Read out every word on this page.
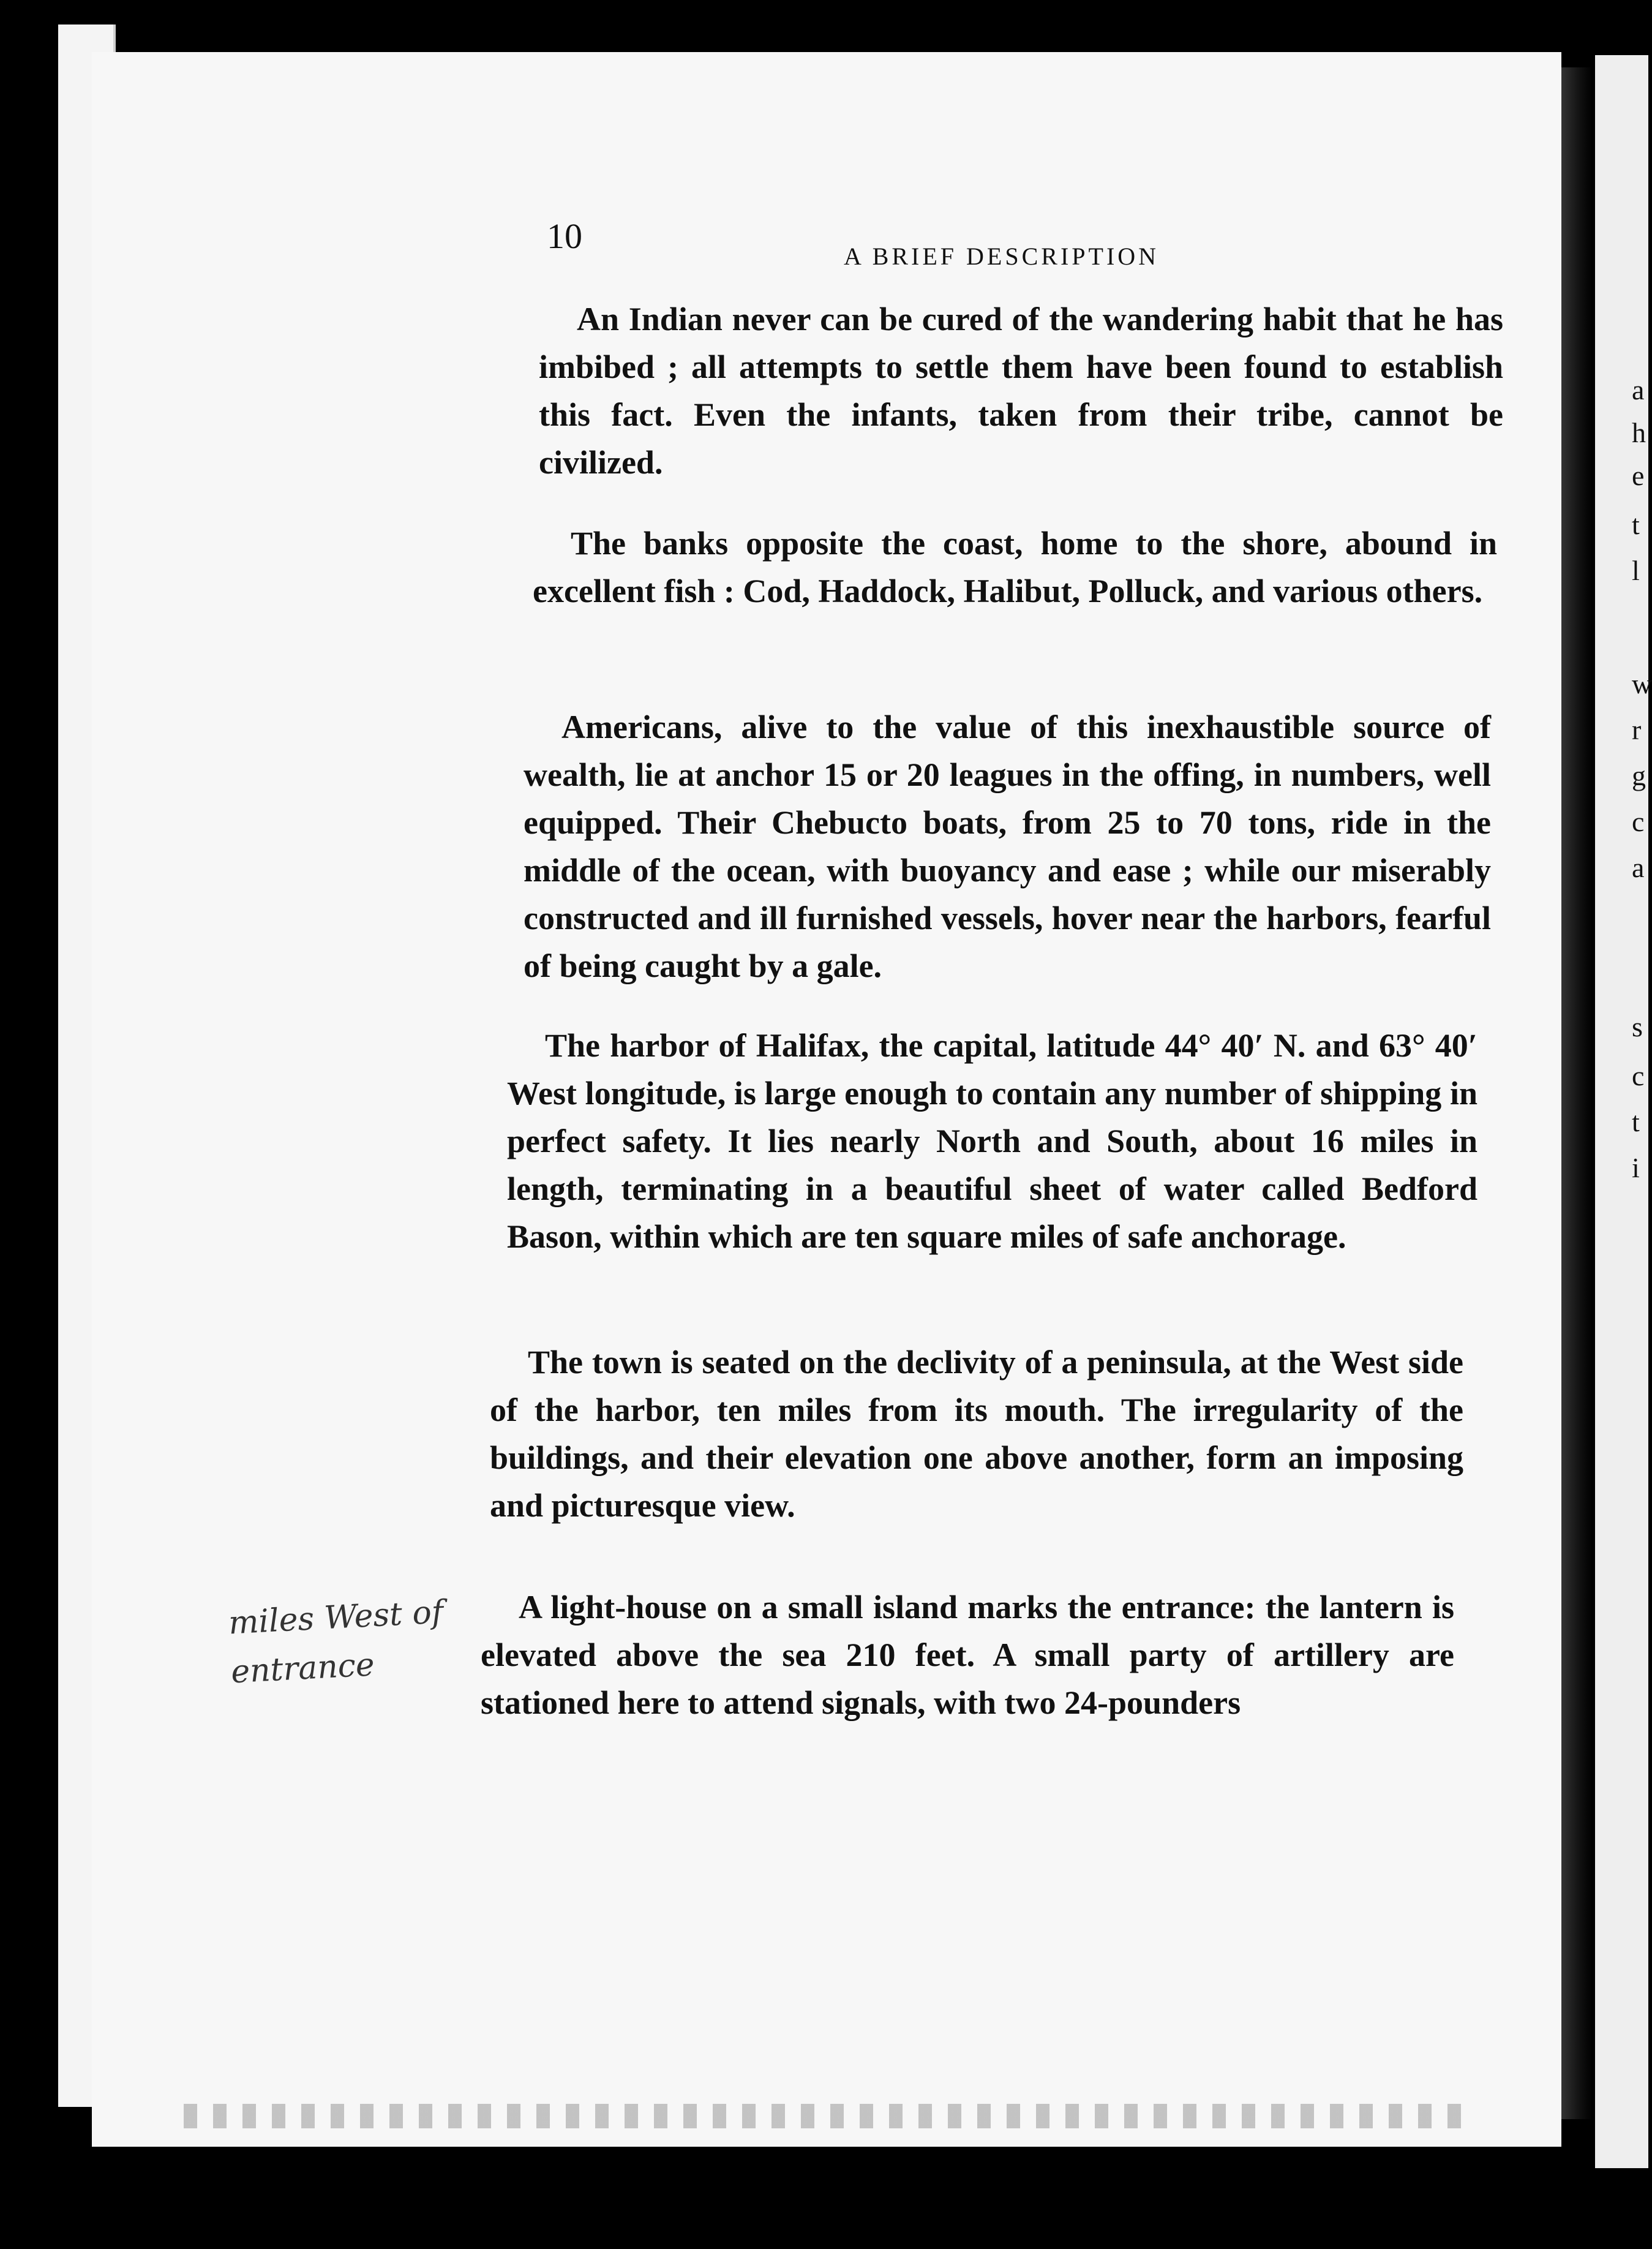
a
h
e
t
l
w
r
g
c
a
s
c
t
i
10
A BRIEF DESCRIPTION

An Indian never can be cured of the wandering habit that he has imbibed ; all attempts to settle them have been found to establish this fact. Even the infants, taken from their tribe, cannot be civilized.

The banks opposite the coast, home to the shore, abound in excellent fish : Cod, Haddock, Halibut, Polluck, and various others.

Americans, alive to the value of this inexhaustible source of wealth, lie at anchor 15 or 20 leagues in the offing, in numbers, well equipped. Their Chebucto boats, from 25 to 70 tons, ride in the middle of the ocean, with buoyancy and ease ; while our miserably constructed and ill furnished vessels, hover near the harbors, fearful of being caught by a gale.

The harbor of Halifax, the capital, latitude 44° 40′ N. and 63° 40′ West longitude, is large enough to contain any number of shipping in perfect safety. It lies nearly North and South, about 16 miles in length, terminating in a beautiful sheet of water called Bedford Bason, within which are ten square miles of safe anchorage.

The town is seated on the declivity of a peninsula, at the West side of the harbor, ten miles from its mouth. The irregularity of the buildings, and their elevation one above another, form an imposing and picturesque view.

A light-house on a small island marks the entrance: the lantern is elevated above the sea 210 feet. A small party of artillery are stationed here to attend signals, with two 24-pounders

miles West of
entrance
